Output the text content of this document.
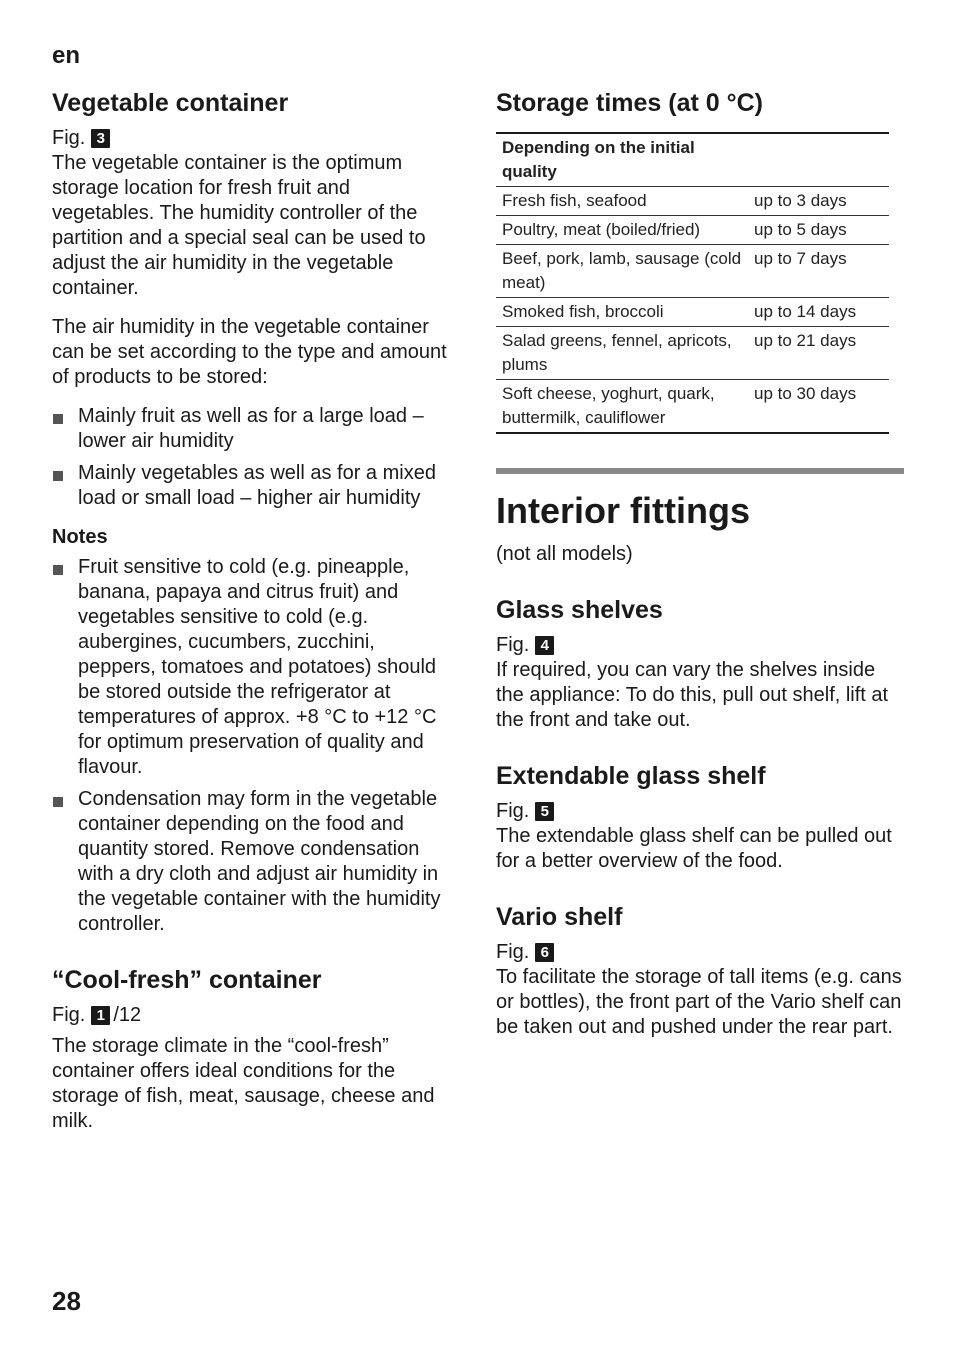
en
Vegetable container

Fig. 3

The vegetable container is the optimum storage location for fresh fruit and vegetables. The humidity controller of the partition and a special seal can be used to adjust the air humidity in the vegetable container.

The air humidity in the vegetable container can be set according to the type and amount of products to be stored:

Mainly fruit as well as for a large load – lower air humidity
Mainly vegetables as well as for a mixed load or small load – higher air humidity
Notes
Fruit sensitive to cold (e.g. pineapple, banana, papaya and citrus fruit) and vegetables sensitive to cold (e.g. aubergines, cucumbers, zucchini, peppers, tomatoes and potatoes) should be stored outside the refrigerator at temperatures of approx. +8 °C to +12 °C for optimum preservation of quality and flavour.
Condensation may form in the vegetable container depending on the food and quantity stored. Remove condensation with a dry cloth and adjust air humidity in the vegetable container with the humidity controller.
“Cool-fresh” container

Fig. 1 /12

The storage climate in the “cool-fresh” container offers ideal conditions for the storage of fish, meat, sausage, cheese and milk.

Storage times (at 0 °C)
Depending on the initial quality	
Fresh fish, seafood	up to 3 days
Poultry, meat (boiled/fried)	up to 5 days
Beef, pork, lamb, sausage (cold meat)	up to 7 days
Smoked fish, broccoli	up to 14 days
Salad greens, fennel, apricots, plums	up to 21 days
Soft cheese, yoghurt, quark, buttermilk, cauliflower	up to 30 days
Interior fittings

(not all models)

Glass shelves

Fig. 4

If required, you can vary the shelves inside the appliance: To do this, pull out shelf, lift at the front and take out.

Extendable glass shelf

Fig. 5

The extendable glass shelf can be pulled out for a better overview of the food.

Vario shelf

Fig. 6

To facilitate the storage of tall items (e.g. cans or bottles), the front part of the Vario shelf can be taken out and pushed under the rear part.

28
